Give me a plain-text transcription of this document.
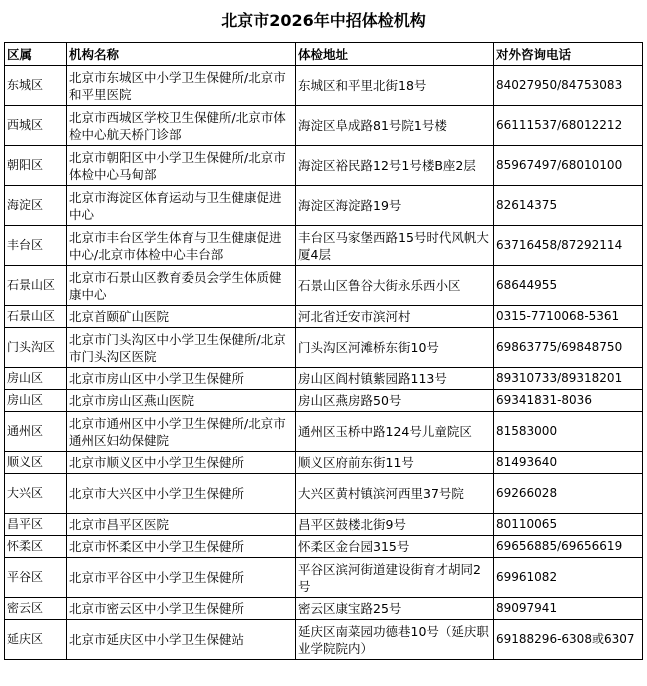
北京市2026年中招体检机构
区属	机构名称	体检地址	对外咨询电话
东城区	北京市东城区中小学卫生保健所/北京市和平里医院	东城区和平里北街18号	84027950/84753083
西城区	北京市西城区学校卫生保健所/北京市体检中心航天桥门诊部	海淀区阜成路81号院1号楼	66111537/68012212
朝阳区	北京市朝阳区中小学卫生保健所/北京市体检中心马甸部	海淀区裕民路12号1号楼B座2层	85967497/68010100
海淀区	北京市海淀区体育运动与卫生健康促进中心	海淀区海淀路19号	82614375
丰台区	北京市丰台区学生体育与卫生健康促进中心/北京市体检中心丰台部	丰台区马家堡西路15号时代风帆大厦4层	63716458/87292114
石景山区	北京市石景山区教育委员会学生体质健康中心	石景山区鲁谷大街永乐西小区	68644955
石景山区	北京首颐矿山医院	河北省迁安市滨河村	0315-7710068-5361
门头沟区	北京市门头沟区中小学卫生保健所/北京市门头沟区医院	门头沟区河滩桥东街10号	69863775/69848750
房山区	北京市房山区中小学卫生保健所	房山区阎村镇紫园路113号	89310733/89318201
房山区	北京市房山区燕山医院	房山区燕房路50号	69341831-8036
通州区	北京市通州区中小学卫生保健所/北京市通州区妇幼保健院	通州区玉桥中路124号儿童院区	81583000
顺义区	北京市顺义区中小学卫生保健所	顺义区府前东街11号	81493640
大兴区	北京市大兴区中小学卫生保健所	大兴区黄村镇滨河西里37号院	69266028
昌平区	北京市昌平区医院	昌平区鼓楼北街9号	80110065
怀柔区	北京市怀柔区中小学卫生保健所	怀柔区金台园315号	69656885/69656619
平谷区	北京市平谷区中小学卫生保健所	平谷区滨河街道建设街育才胡同2号	69961082
密云区	北京市密云区中小学卫生保健所	密云区康宝路25号	89097941
延庆区	北京市延庆区中小学卫生保健站	延庆区南菜园功德巷10号（延庆职业学院院内）	69188296-6308或6307
